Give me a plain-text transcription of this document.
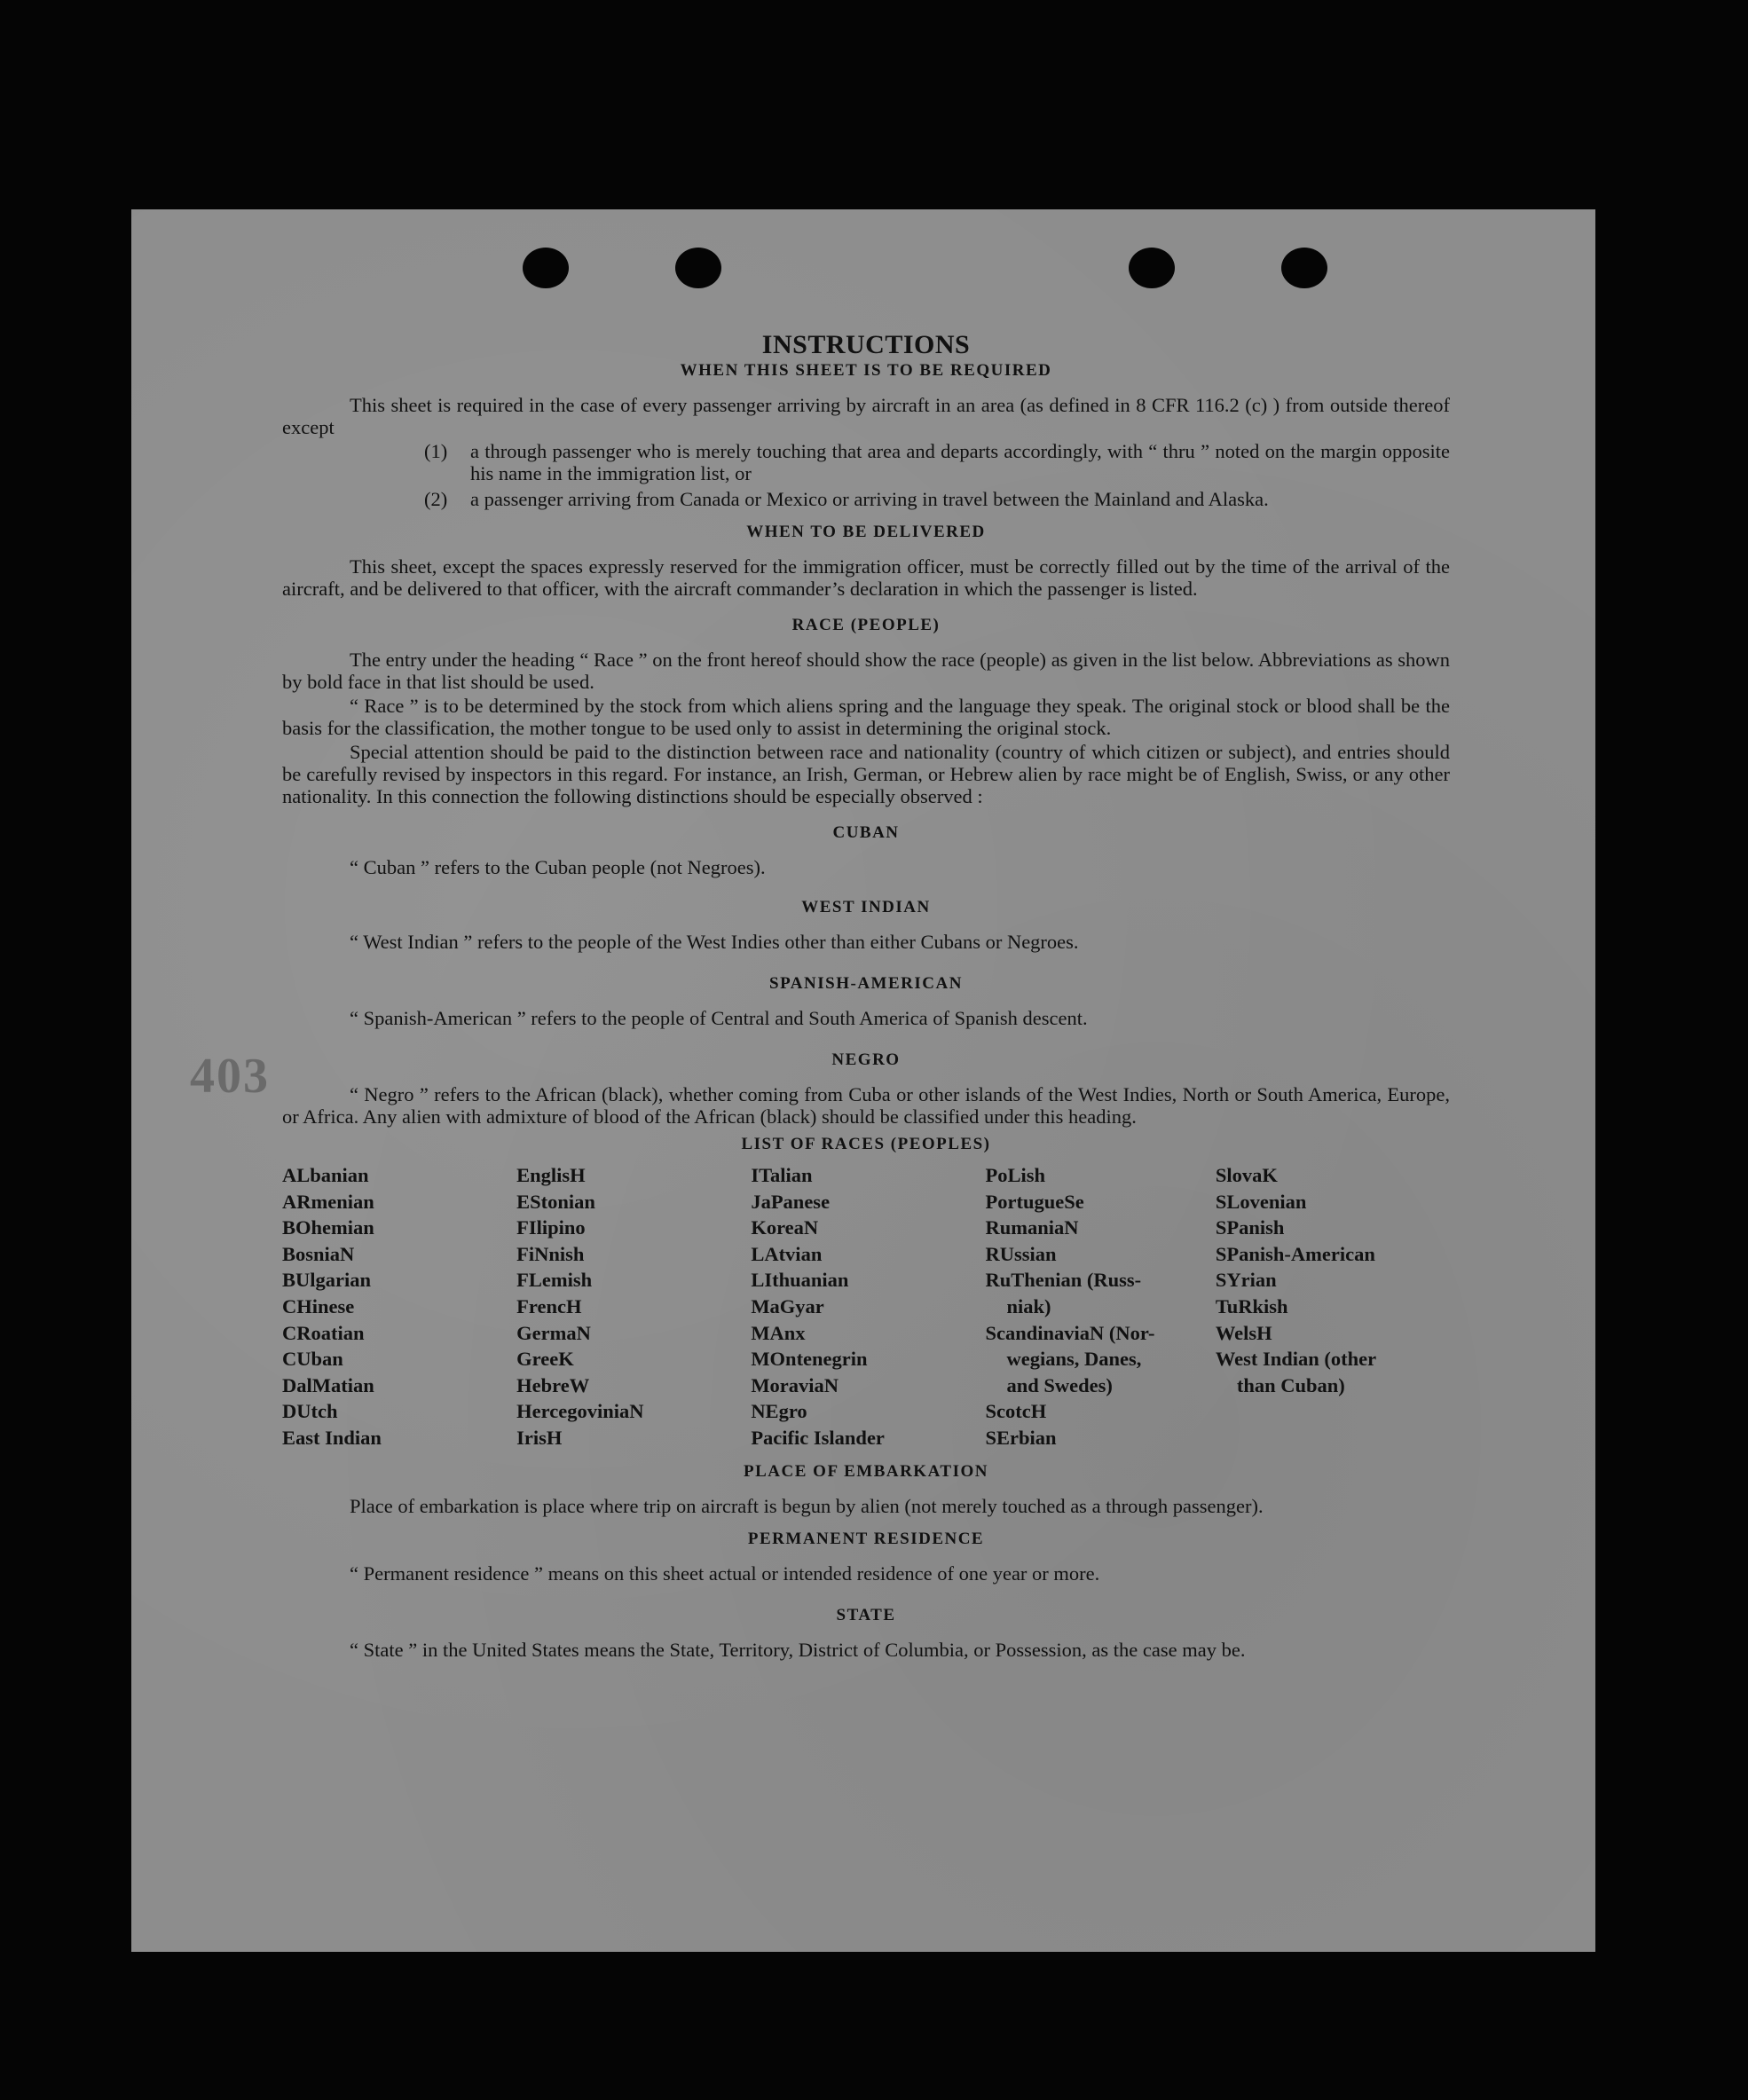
403
INSTRUCTIONS
WHEN THIS SHEET IS TO BE REQUIRED

This sheet is required in the case of every passenger arriving by aircraft in an area (as defined in 8 CFR 116.2 (c) ) from outside thereof except

(1)	a through passenger who is merely touching that area and departs accordingly, with “ thru ” noted on the margin opposite his name in the immigration list, or
(2)	a passenger arriving from Canada or Mexico or arriving in travel between the Mainland and Alaska.
WHEN TO BE DELIVERED

This sheet, except the spaces expressly reserved for the immigration officer, must be correctly filled out by the time of the arrival of the aircraft, and be delivered to that officer, with the aircraft commander’s declaration in which the passenger is listed.

RACE (PEOPLE)

The entry under the heading “ Race ” on the front hereof should show the race (people) as given in the list below. Abbreviations as shown by bold face in that list should be used.

“ Race ” is to be determined by the stock from which aliens spring and the language they speak. The original stock or blood shall be the basis for the classification, the mother tongue to be used only to assist in determining the original stock.

Special attention should be paid to the distinction between race and nationality (country of which citizen or subject), and entries should be carefully revised by inspectors in this regard. For instance, an Irish, German, or Hebrew alien by race might be of English, Swiss, or any other nationality. In this connection the following distinctions should be especially observed :

CUBAN

“ Cuban ” refers to the Cuban people (not Negroes).

WEST INDIAN

“ West Indian ” refers to the people of the West Indies other than either Cubans or Negroes.

SPANISH-AMERICAN

“ Spanish-American ” refers to the people of Central and South America of Spanish descent.

NEGRO

“ Negro ” refers to the African (black), whether coming from Cuba or other islands of the West Indies, North or South America, Europe, or Africa. Any alien with admixture of blood of the African (black) should be classified under this heading.

LIST OF RACES (PEOPLES)
ALbanian
ARmenian
BOhemian
BosniaN
BUlgarian
CHinese
CRoatian
CUban
DalMatian
DUtch
East Indian
EnglisH
EStonian
FIlipino
FiNnish
FLemish
FrencH
GermaN
GreeK
HebreW
HercegoviniaN
IrisH
ITalian
JaPanese
KoreaN
LAtvian
LIthuanian
MaGyar
MAnx
MOntenegrin
MoraviaN
NEgro
Pacific Islander
PoLish
PortugueSe
RumaniaN
RUssian
RuThenian (Russ-
niak)
ScandinaviaN (Nor-
wegians, Danes,
and Swedes)
ScotcH
SErbian
SlovaK
SLovenian
SPanish
SPanish-American
SYrian
TuRkish
WelsH
West Indian (other
than Cuban)
PLACE OF EMBARKATION

Place of embarkation is place where trip on aircraft is begun by alien (not merely touched as a through passenger).

PERMANENT RESIDENCE

“ Permanent residence ” means on this sheet actual or intended residence of one year or more.

STATE

“ State ” in the United States means the State, Territory, District of Columbia, or Possession, as the case may be.
